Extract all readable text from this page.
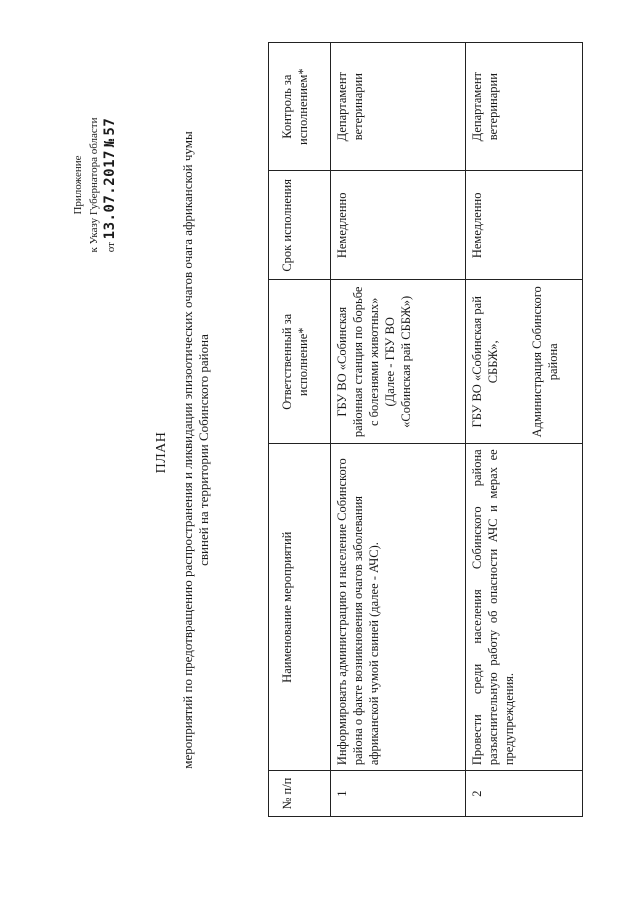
Приложение к Указу Губернатора области от 13.07.2017 № 57
ПЛАН мероприятий по предотвращению распространения и ликвидации эпизоотических очагов очага африканской чумы свиней на территории Собинского района
№ п/п	Наименование мероприятий	Ответственный за исполнение*	Срок исполнения	Контроль за исполнением*
1	Информировать администрацию и население Собинского района о факте возникновения очагов заболевания африканской чумой свиней (далее - АЧС).	ГБУ ВО «Собинская районная станция по борьбе с болезнями животных» (Далее - ГБУ ВО «Собинская рай СББЖ»)	Немедленно	Департамент ветеринарии
2	Провести среди населения Собинского района разъяснительную работу об опасности АЧС и мерах ее предупреждения.	ГБУ ВО «Собинская рай СББЖ», Администрация Собинского района	Немедленно	Департамент ветеринарии
